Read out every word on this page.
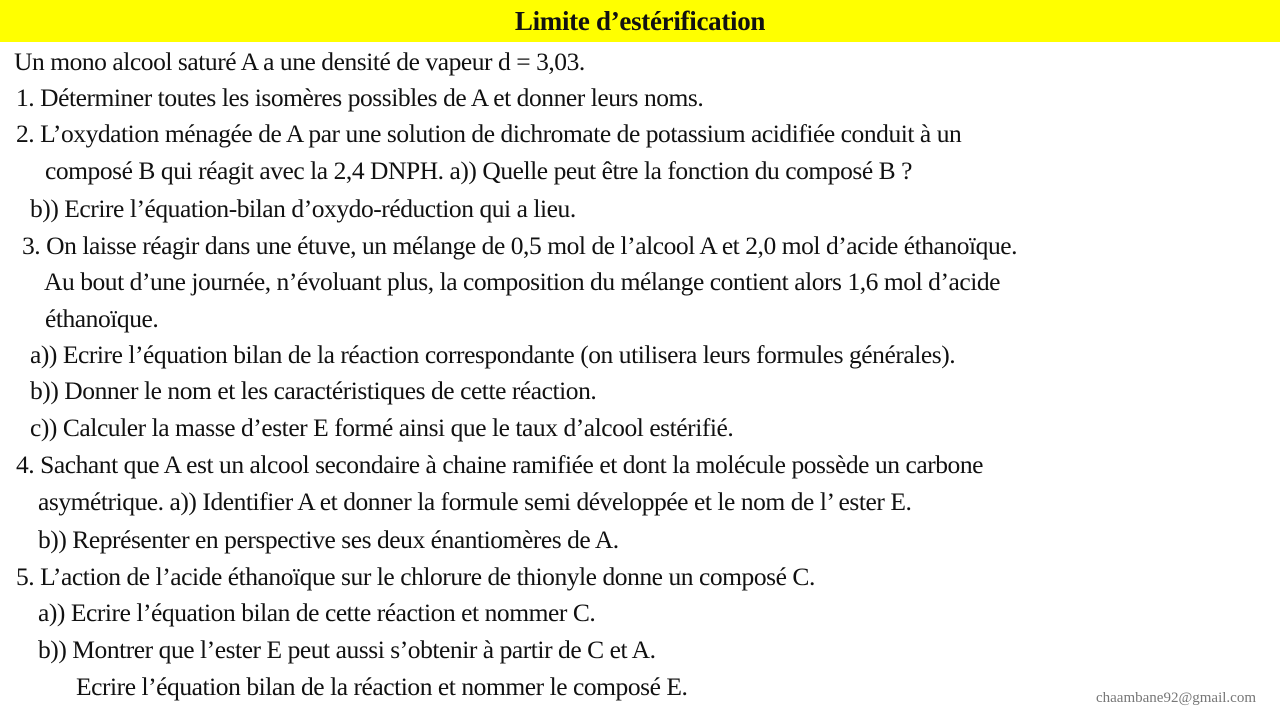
Limite d’estérification
Un mono alcool saturé A a une densité de vapeur d = 3,03.
1. Déterminer toutes les isomères possibles de A et donner leurs noms.
2. L’oxydation ménagée de A par une solution de dichromate de potassium acidifiée conduit à un
composé B qui réagit avec la 2,4 DNPH. a)) Quelle peut être la fonction du composé B ?
b)) Ecrire l’équation-bilan d’oxydo-réduction qui a lieu.
3. On laisse réagir dans une étuve, un mélange de 0,5 mol de l’alcool A et 2,0 mol d’acide éthanoïque.
Au bout d’une journée, n’évoluant plus, la composition du mélange contient alors 1,6 mol d’acide
éthanoïque.
a)) Ecrire l’équation bilan de la réaction correspondante (on utilisera leurs formules générales).
b)) Donner le nom et les caractéristiques de cette réaction.
c)) Calculer la masse d’ester E formé ainsi que le taux d’alcool estérifié.
4. Sachant que A est un alcool secondaire à chaine ramifiée et dont la molécule possède un carbone
asymétrique. a)) Identifier A et donner la formule semi développée et le nom de l’ ester E.
b)) Représenter en perspective ses deux énantiomères de A.
5. L’action de l’acide éthanoïque sur le chlorure de thionyle donne un composé C.
a)) Ecrire l’équation bilan de cette réaction et nommer C.
b)) Montrer que l’ester E peut aussi s’obtenir à partir de C et A.
Ecrire l’équation bilan de la réaction et nommer le composé E.	chaambane92@gmail.com
